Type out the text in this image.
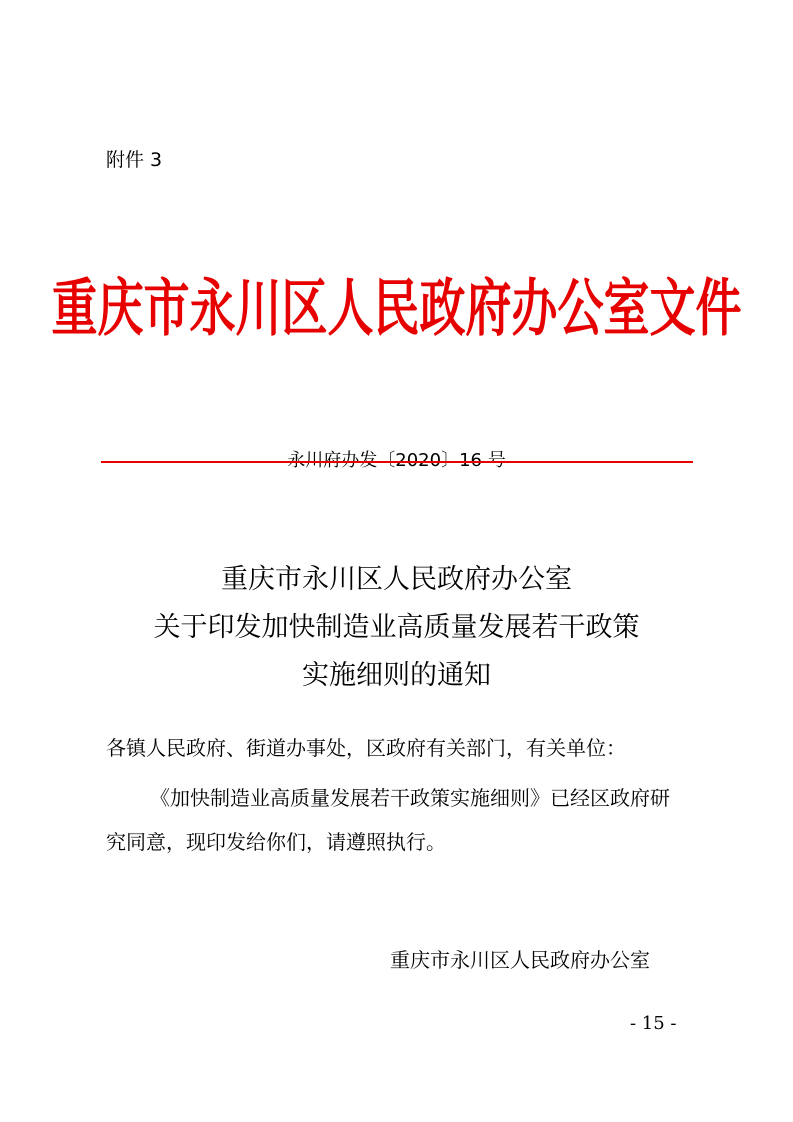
附件 3
重庆市永川区人民政府办公室文件
永川府办发〔2020〕16 号
重庆市永川区人民政府办公室
关于印发加快制造业高质量发展若干政策
实施细则的通知
各镇人民政府、街道办事处，区政府有关部门，有关单位：
《加快制造业高质量发展若干政策实施细则》已经区政府研
究同意，现印发给你们，请遵照执行。
重庆市永川区人民政府办公室
- 15 -
